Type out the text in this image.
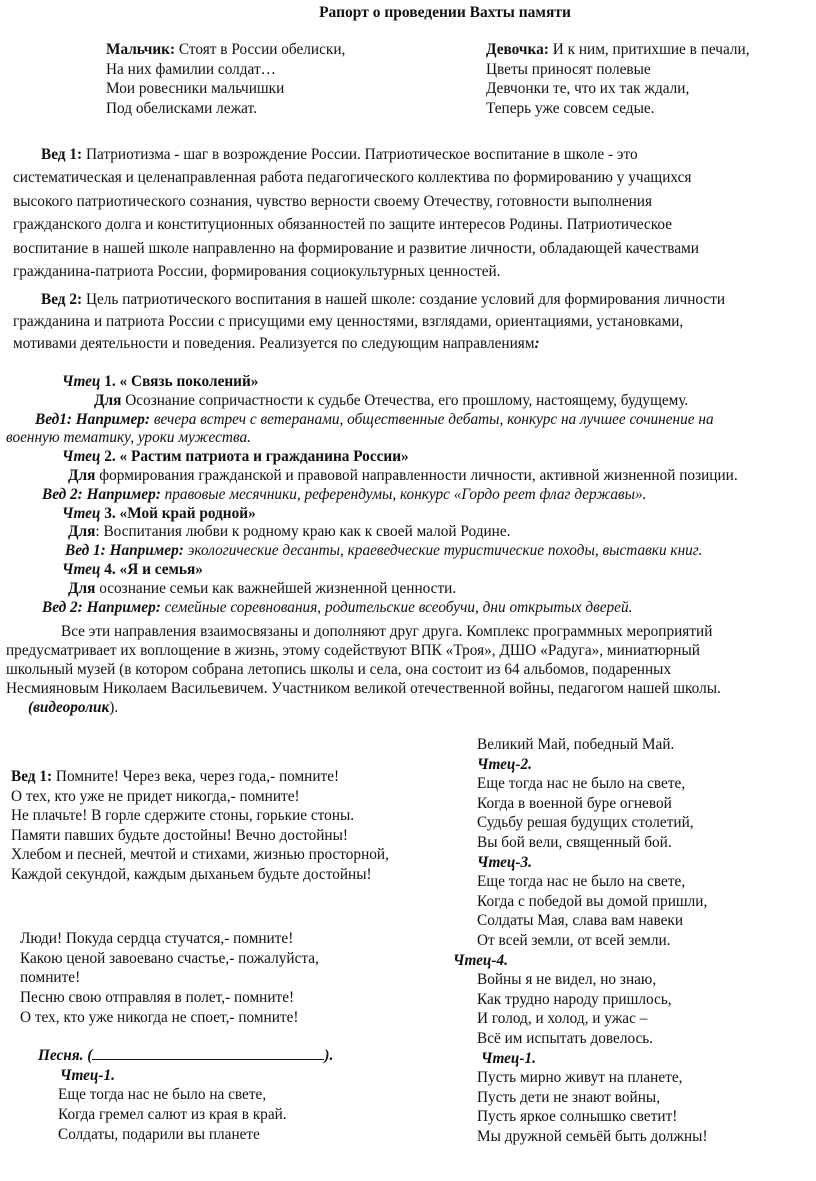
Рапорт о проведении Вахты памяти
Мальчик: Стоят в России обелиски,
На них фамилии солдат…
Мои ровесники мальчишки
Под обелисками лежат.
Девочка: И к ним, притихшие в печали,
Цветы приносят полевые
Девчонки те, что их так ждали,
Теперь уже совсем седые.
Вед 1: Патриотизма - шаг в возрождение России. Патриотическое воспитание в школе - это
систематическая и целенаправленная работа педагогического коллектива по формированию у учащихся
высокого патриотического сознания, чувство верности своему Отечеству, готовности выполнения
гражданского долга и конституционных обязанностей по защите интересов Родины. Патриотическое
воспитание в нашей школе направленно на формирование и развитие личности, обладающей качествами
гражданина-патриота России, формирования социокультурных ценностей.
Вед 2: Цель патриотического воспитания в нашей школе: создание условий для формирования личности
гражданина и патриота России с присущими ему ценностями, взглядами, ориентациями, установками,
мотивами деятельности и поведения. Реализуется по следующим направлениям:
Чтец 1. « Связь поколений»
Для Осознание сопричастности к судьбе Отечества, его прошлому, настоящему, будущему.
Вед1: Например: вечера встреч с ветеранами, общественные дебаты, конкурс на лучшее сочинение на
военную тематику, уроки мужества.
Чтец 2. « Растим патриота и гражданина России»
Для формирования гражданской и правовой направленности личности, активной жизненной позиции.
Вед 2: Например: правовые месячники, референдумы, конкурс «Гордо реет флаг державы».
Чтец 3. «Мой край родной»
Для: Воспитания любви к родному краю как к своей малой Родине.
Вед 1: Например: экологические десанты, краеведческие туристические походы, выставки книг.
Чтец 4. «Я и семья»
Для осознание семьи как важнейшей жизненной ценности.
Вед 2: Например: семейные соревнования, родительские всеобучи, дни открытых дверей.
Все эти направления взаимосвязаны и дополняют друг друга. Комплекс программных мероприятий
предусматривает их воплощение в жизнь, этому содействуют ВПК «Троя», ДШО «Радуга», миниатюрный
школьный музей (в котором собрана летопись школы и села, она состоит из 64 альбомов, подаренных
Несмияновым Николаем Васильевичем. Участником великой отечественной войны, педагогом нашей школы.
(видеоролик).
Вед 1: Помните! Через века, через года,- помните!
О тех, кто уже не придет никогда,- помните!
Не плачьте! В горле сдержите стоны, горькие стоны.
Памяти павших будьте достойны! Вечно достойны!
Хлебом и песней, мечтой и стихами, жизнью просторной,
Каждой секундой, каждым дыханьем будьте достойны!
Люди! Покуда сердца стучатся,- помните!
Какою ценой завоевано счастье,- пожалуйста,
помните!
Песню свою отправляя в полет,- помните!
О тех, кто уже никогда не споет,- помните!
Песня. (	).
Чтец-1.
Еще тогда нас не было на свете,
Когда гремел салют из края в край.
Солдаты, подарили вы планете
Великий Май, победный Май.
Чтец-2.
Еще тогда нас не было на свете,
Когда в военной буре огневой
Судьбу решая будущих столетий,
Вы бой вели, священный бой.
Чтец-3.
Еще тогда нас не было на свете,
Когда с победой вы домой пришли,
Солдаты Мая, слава вам навеки
От всей земли, от всей земли.
Чтец-4.
Войны я не видел, но знаю,
Как трудно народу пришлось,
И голод, и холод, и ужас –
Всё им испытать довелось.
Чтец-1.
Пусть мирно живут на планете,
Пусть дети не знают войны,
Пусть яркое солнышко светит!
Мы дружной семьёй быть должны!
